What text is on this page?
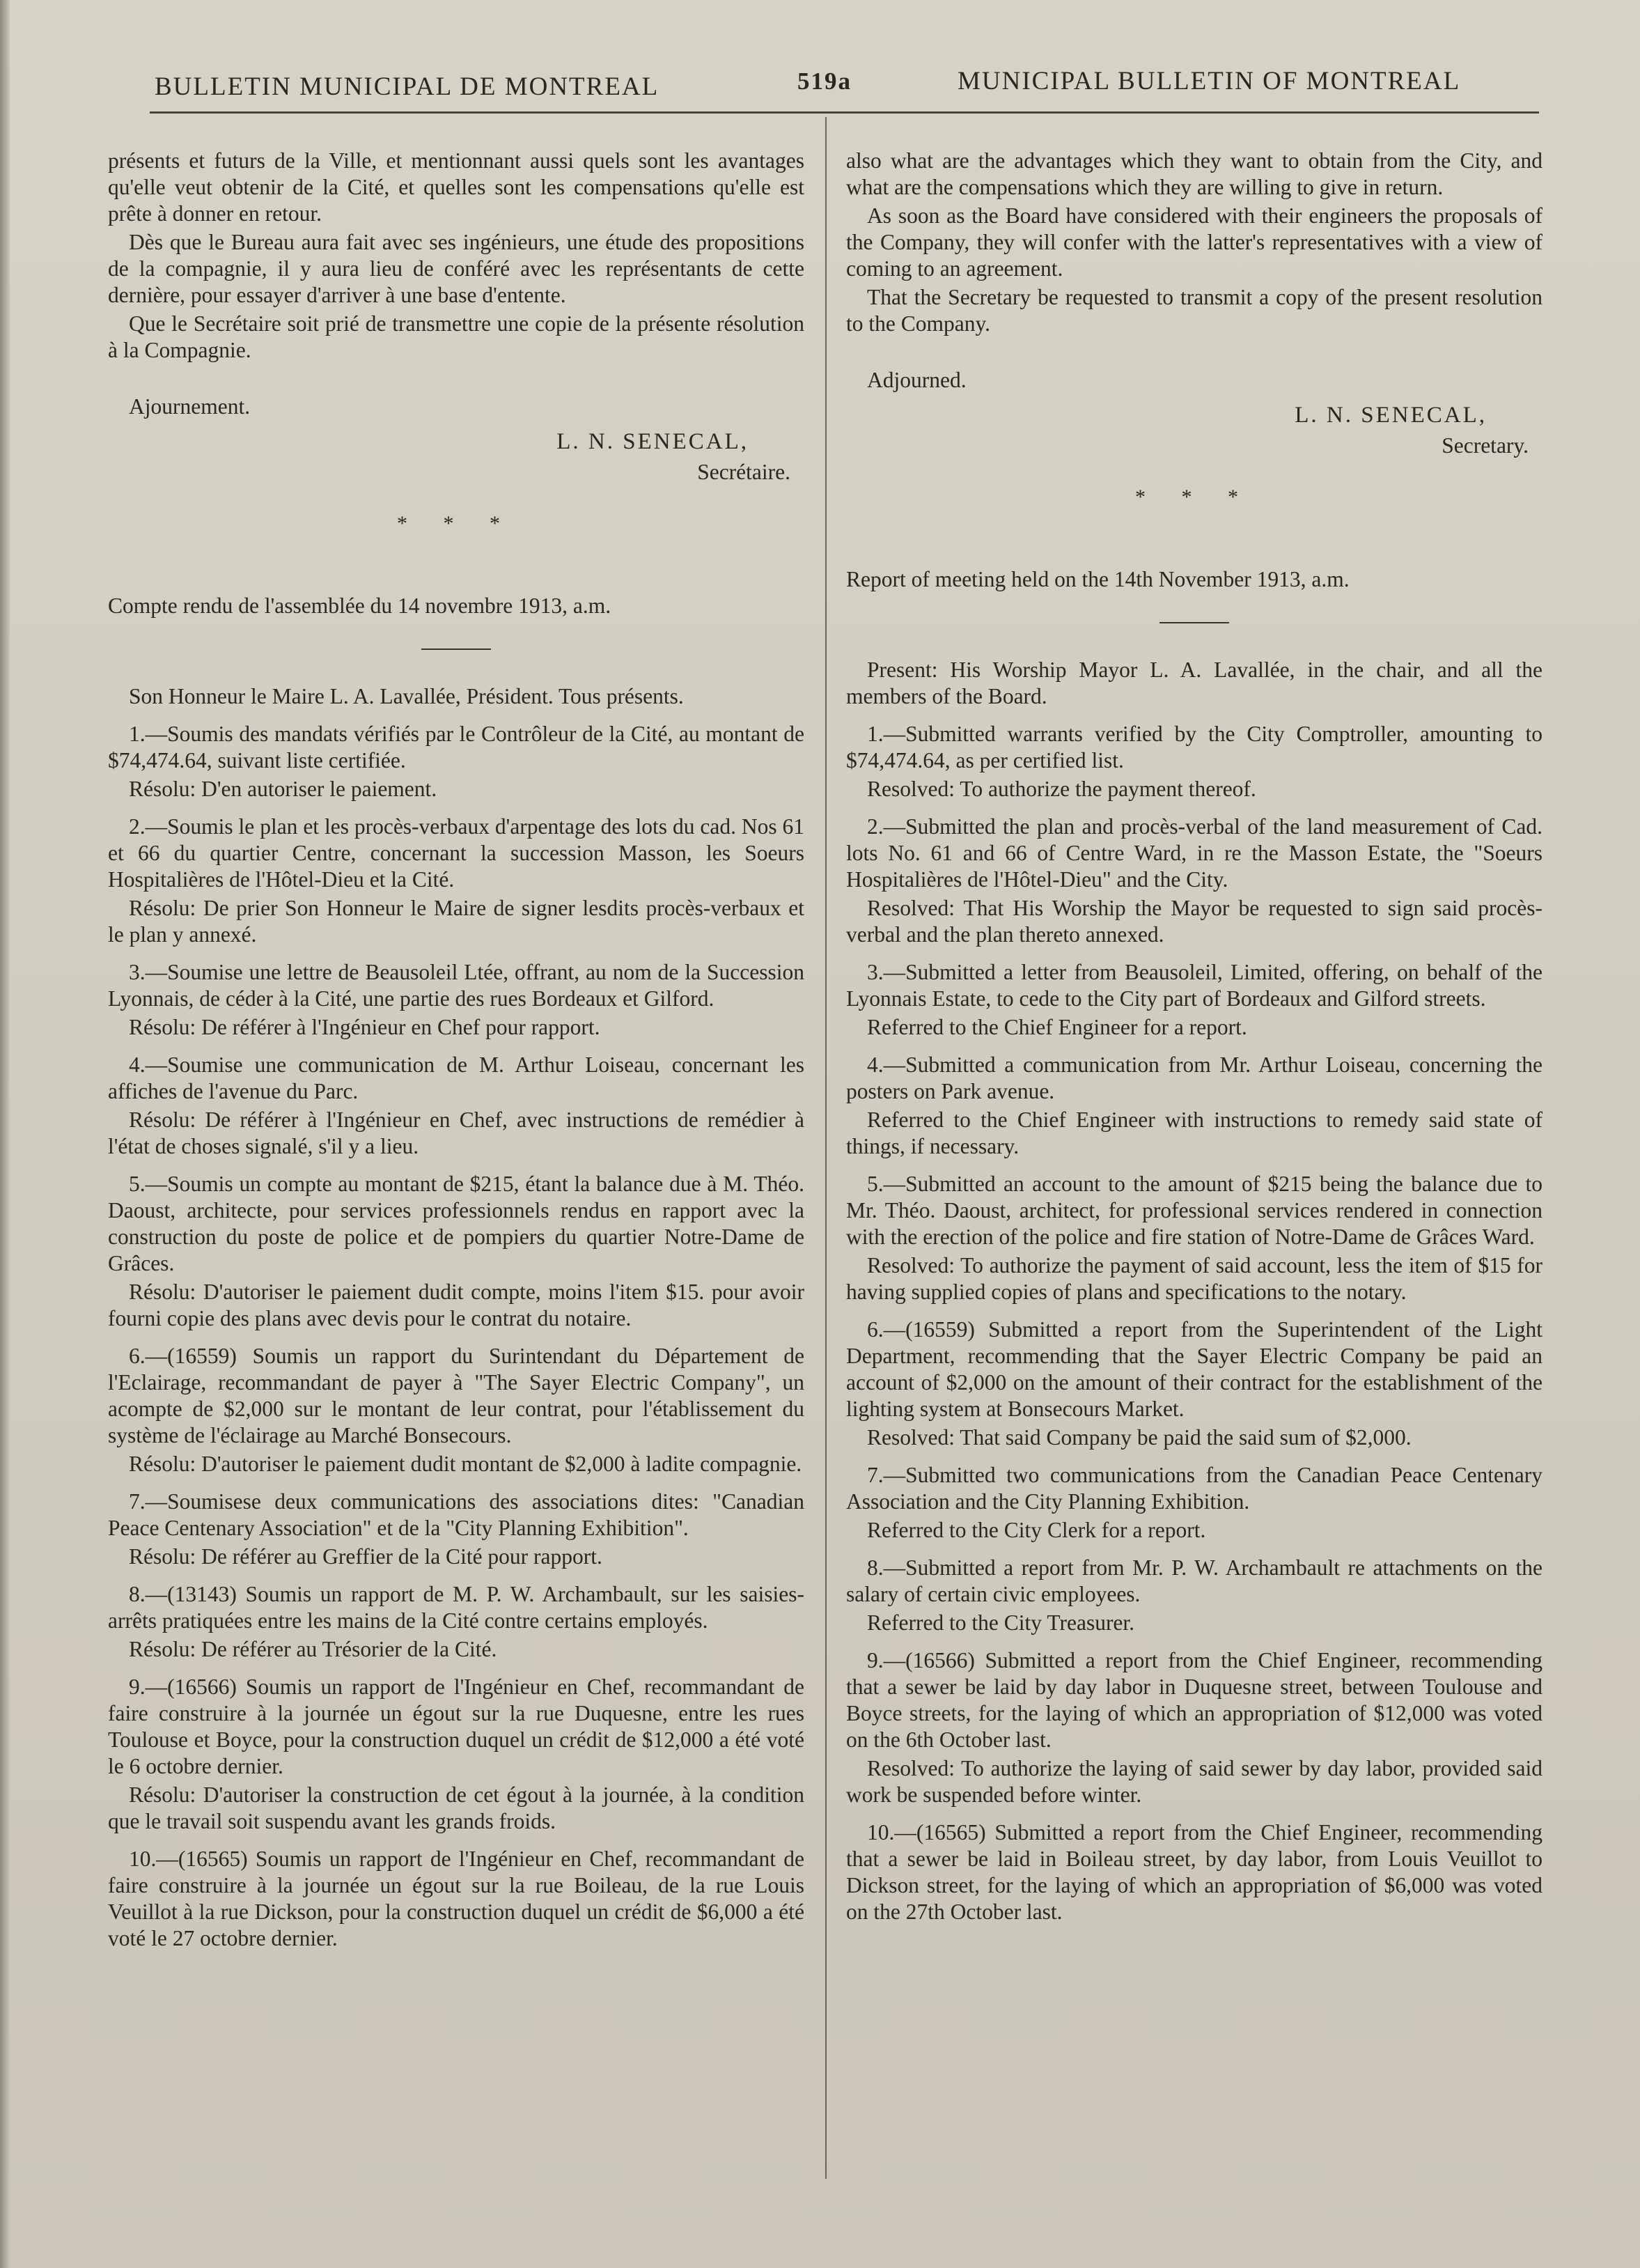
BULLETIN MUNICIPAL DE MONTREAL	519a	MUNICIPAL BULLETIN OF MONTREAL

présents et futurs de la Ville, et mentionnant aussi quels sont les avantages qu'elle veut obtenir de la Cité, et quelles sont les compensations qu'elle est prête à donner en retour.

Dès que le Bureau aura fait avec ses ingénieurs, une étude des propositions de la compagnie, il y aura lieu de conféré avec les représentants de cette dernière, pour essayer d'arriver à une base d'entente.

Que le Secrétaire soit prié de transmettre une copie de la présente résolution à la Compagnie.

Ajournement.

L. N. SENECAL,
Secrétaire.
* * *

Compte rendu de l'assemblée du 14 novembre 1913, a.m.

Son Honneur le Maire L. A. Lavallée, Président. Tous présents.

1.—Soumis des mandats vérifiés par le Contrôleur de la Cité, au montant de $74,474.64, suivant liste certifiée.

Résolu: D'en autoriser le paiement.

2.—Soumis le plan et les procès-verbaux d'arpentage des lots du cad. Nos 61 et 66 du quartier Centre, concernant la succession Masson, les Soeurs Hospitalières de l'Hôtel-Dieu et la Cité.

Résolu: De prier Son Honneur le Maire de signer lesdits procès-verbaux et le plan y annexé.

3.—Soumise une lettre de Beausoleil Ltée, offrant, au nom de la Succession Lyonnais, de céder à la Cité, une partie des rues Bordeaux et Gilford.

Résolu: De référer à l'Ingénieur en Chef pour rapport.

4.—Soumise une communication de M. Arthur Loiseau, concernant les affiches de l'avenue du Parc.

Résolu: De référer à l'Ingénieur en Chef, avec instructions de remédier à l'état de choses signalé, s'il y a lieu.

5.—Soumis un compte au montant de $215, étant la balance due à M. Théo. Daoust, architecte, pour services professionnels rendus en rapport avec la construction du poste de police et de pompiers du quartier Notre-Dame de Grâces.

Résolu: D'autoriser le paiement dudit compte, moins l'item $15. pour avoir fourni copie des plans avec devis pour le contrat du notaire.

6.—(16559) Soumis un rapport du Surintendant du Département de l'Eclairage, recommandant de payer à "The Sayer Electric Company", un acompte de $2,000 sur le montant de leur contrat, pour l'établissement du système de l'éclairage au Marché Bonsecours.

Résolu: D'autoriser le paiement dudit montant de $2,000 à ladite compagnie.

7.—Soumisese deux communications des associations dites: "Canadian Peace Centenary Association" et de la "City Planning Exhibition".

Résolu: De référer au Greffier de la Cité pour rapport.

8.—(13143) Soumis un rapport de M. P. W. Archambault, sur les saisies-arrêts pratiquées entre les mains de la Cité contre certains employés.

Résolu: De référer au Trésorier de la Cité.

9.—(16566) Soumis un rapport de l'Ingénieur en Chef, recommandant de faire construire à la journée un égout sur la rue Duquesne, entre les rues Toulouse et Boyce, pour la construction duquel un crédit de $12,000 a été voté le 6 octobre dernier.

Résolu: D'autoriser la construction de cet égout à la journée, à la condition que le travail soit suspendu avant les grands froids.

10.—(16565) Soumis un rapport de l'Ingénieur en Chef, recommandant de faire construire à la journée un égout sur la rue Boileau, de la rue Louis Veuillot à la rue Dickson, pour la construction duquel un crédit de $6,000 a été voté le 27 octobre dernier.

also what are the advantages which they want to obtain from the City, and what are the compensations which they are willing to give in return.

As soon as the Board have considered with their engineers the proposals of the Company, they will confer with the latter's representatives with a view of coming to an agreement.

That the Secretary be requested to transmit a copy of the present resolution to the Company.

Adjourned.

L. N. SENECAL,
Secretary.
* * *

Report of meeting held on the 14th November 1913, a.m.

Present: His Worship Mayor L. A. Lavallée, in the chair, and all the members of the Board.

1.—Submitted warrants verified by the City Comptroller, amounting to $74,474.64, as per certified list.

Resolved: To authorize the payment thereof.

2.—Submitted the plan and procès-verbal of the land measurement of Cad. lots No. 61 and 66 of Centre Ward, in re the Masson Estate, the "Soeurs Hospitalières de l'Hôtel-Dieu" and the City.

Resolved: That His Worship the Mayor be requested to sign said procès-verbal and the plan thereto annexed.

3.—Submitted a letter from Beausoleil, Limited, offering, on behalf of the Lyonnais Estate, to cede to the City part of Bordeaux and Gilford streets.

Referred to the Chief Engineer for a report.

4.—Submitted a communication from Mr. Arthur Loiseau, concerning the posters on Park avenue.

Referred to the Chief Engineer with instructions to remedy said state of things, if necessary.

5.—Submitted an account to the amount of $215 being the balance due to Mr. Théo. Daoust, architect, for professional services rendered in connection with the erection of the police and fire station of Notre-Dame de Grâces Ward.

Resolved: To authorize the payment of said account, less the item of $15 for having supplied copies of plans and specifications to the notary.

6.—(16559) Submitted a report from the Superintendent of the Light Department, recommending that the Sayer Electric Company be paid an account of $2,000 on the amount of their contract for the establishment of the lighting system at Bonsecours Market.

Resolved: That said Company be paid the said sum of $2,000.

7.—Submitted two communications from the Canadian Peace Centenary Association and the City Planning Exhibition.

Referred to the City Clerk for a report.

8.—Submitted a report from Mr. P. W. Archambault re attachments on the salary of certain civic employees.

Referred to the City Treasurer.

9.—(16566) Submitted a report from the Chief Engineer, recommending that a sewer be laid by day labor in Duquesne street, between Toulouse and Boyce streets, for the laying of which an appropriation of $12,000 was voted on the 6th October last.

Resolved: To authorize the laying of said sewer by day labor, provided said work be suspended before winter.

10.—(16565) Submitted a report from the Chief Engineer, recommending that a sewer be laid in Boileau street, by day labor, from Louis Veuillot to Dickson street, for the laying of which an appropriation of $6,000 was voted on the 27th October last.
